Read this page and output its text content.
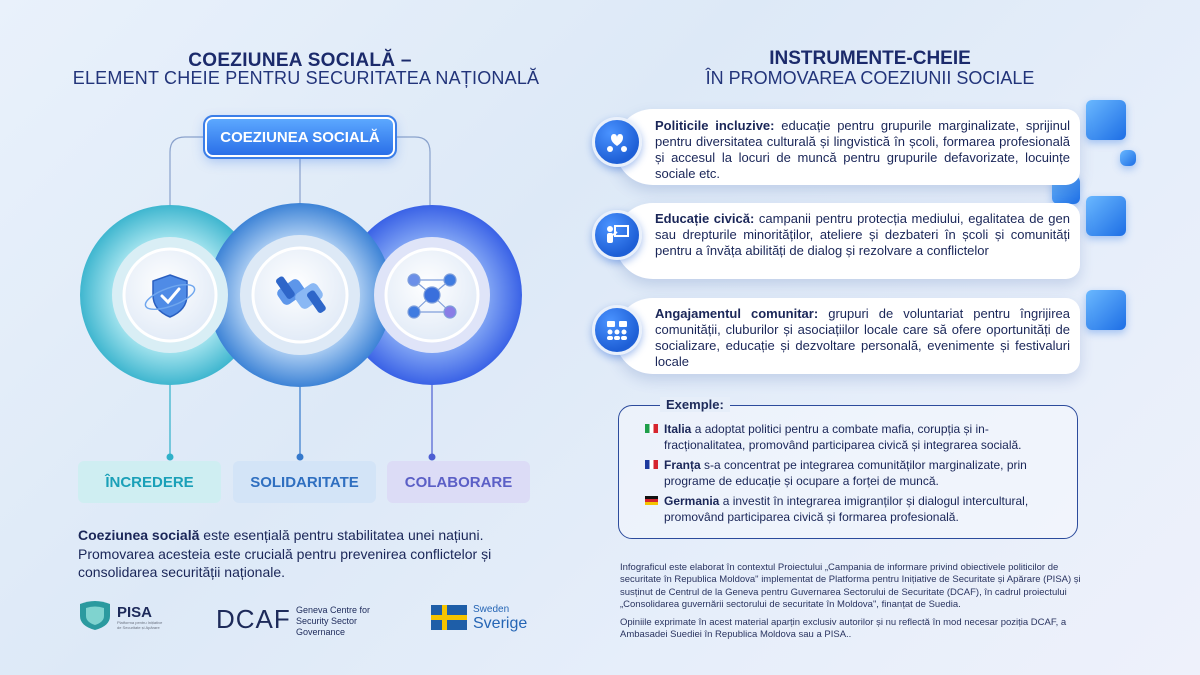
COEZIUNEA SOCIALĂ –
ELEMENT CHEIE PENTRU SECURITATEA NAȚIONALĂ
COEZIUNEA SOCIALĂ
ÎNCREDERE	SOLIDARITATE	COLABORARE
Coeziunea socială este esențială pentru stabilitatea unei națiuni. Promovarea acesteia este crucială pentru prevenirea conflictelor și consolidarea securității naționale.
PISA
Platforma pentru Inițiative de Securitate și Apărare DCAF Geneva Centre for Security Sector Governance
Sweden
Sverige
INSTRUMENTE-CHEIE
ÎN PROMOVAREA COEZIUNII SOCIALE
Politicile incluzive: educație pentru grupurile marginalizate, sprijinul pentru diversitatea culturală și lingvistică în școli, formarea profesională și accesul la locuri de muncă pentru grupurile defavorizate, locuințe sociale etc.
Educație civică: campanii pentru protecția mediului, egalitatea de gen sau drepturile minorităților, ateliere și dezbateri în școli și comunități pentru a învăța abilități de dialog și rezolvare a conflictelor
Angajamentul comunitar: grupuri de voluntariat pentru îngrijirea comunității, cluburilor și asociațiilor locale care să ofere oportunități de socializare, educație și dezvoltare personală, evenimente și festivaluri locale
Exemple:
Italia a adoptat politici pentru a combate mafia, corupția și in-
fracționalitatea, promovând participarea civică și integrarea socială.
Franța s-a concentrat pe integrarea comunităților marginalizate, prin
programe de educație și ocupare a forței de muncă.
Germania a investit în integrarea imigranților și dialogul intercultural,
promovând participarea civică și formarea profesională.
Infograficul este elaborat în contextul Proiectului „Campania de informare privind obiectivele politicilor de securitate în Republica Moldova" implementat de Platforma pentru Inițiative de Securitate și Apărare (PISA) și susținut de Centrul de la Geneva pentru Guvernarea Sectorului de Securitate (DCAF), în cadrul proiectului „Consolidarea guvernării sectorului de securitate în Moldova", finanțat de Suedia.
Opiniile exprimate în acest material aparțin exclusiv autorilor și nu reflectă în mod necesar poziția DCAF, a Ambasadei Suediei în Republica Moldova sau a PISA..
